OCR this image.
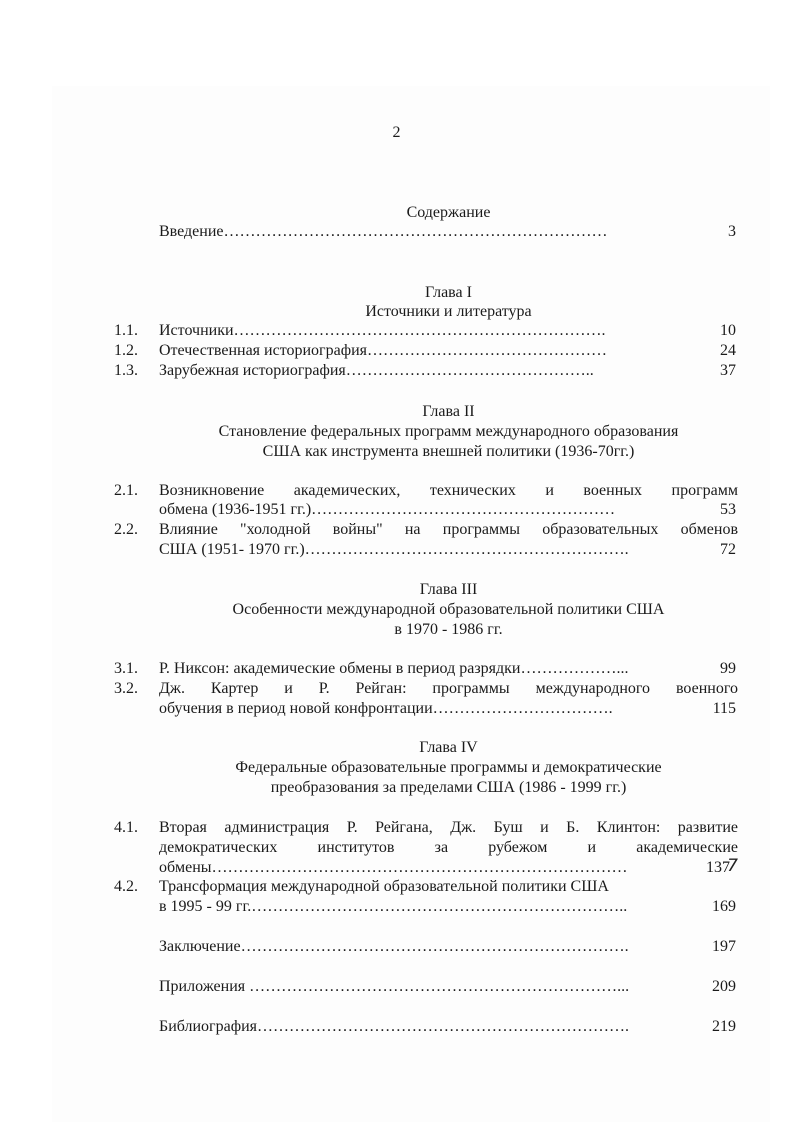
2
Содержание
Введение………………………………………………………………	3
Глава I
Источники и литература
1.1. Источники…………………………………………………………….	10
1.2. Отечественная историография………………………………………	24
1.3. Зарубежная историография………………………………………..	37
Глава II
Становление федеральных программ международного образования
США как инструмента внешней политики (1936-70гг.)
2.1. Возникновение академических, технических и военных программ
обмена (1936-1951 гг.)…………………………………………………	53
2.2. Влияние "холодной войны" на программы образовательных обменов
США (1951- 1970 гг.)…………………………………………………….	72
Глава III
Особенности международной образовательной политики США
в 1970 - 1986 гг.
3.1. Р. Никсон: академические обмены в период разрядки………………...	99
3.2. Дж. Картер и Р. Рейган: программы международного военного
обучения в период новой конфронтации…………………………….	115
Глава IV
Федеральные образовательные программы и демократические
преобразования за пределами США (1986 - 1999 гг.)
4.1. Вторая администрация Р. Рейгана, Дж. Буш и Б. Клинтон: развитие
демократических институтов за рубежом и академические
обмены……………………………………………………………………	137
7
4.2. Трансформация международной образовательной политики США
в 1995 - 99 гг.……………………………………………………………..	169
Заключение……………………………………………………………….	197
Приложения ……………………………………………………………...	209
Библиография…………………………………………………………….	219
